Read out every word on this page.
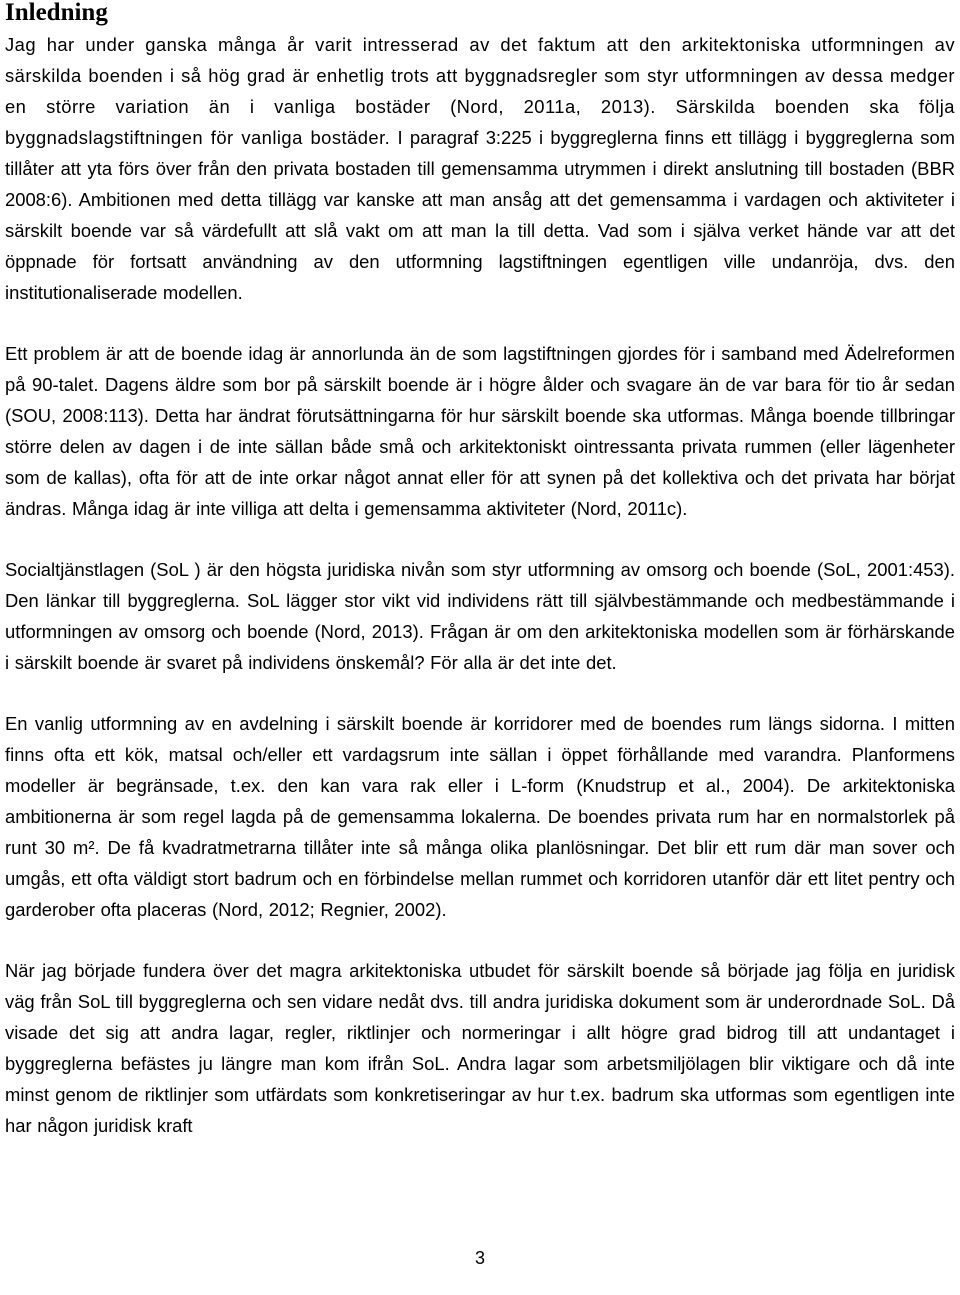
Inledning

Jag har under ganska många år varit intresserad av det faktum att den arkitektoniska utformningen av särskilda boenden i så hög grad är enhetlig trots att byggnadsregler som styr utformningen av dessa medger en större variation än i vanliga bostäder (Nord, 2011a, 2013). Särskilda boenden ska följa byggnadslagstiftningen för vanliga bostäder. I paragraf 3:225 i byggreglerna finns ett tillägg i byggreglerna som tillåter att yta förs över från den privata bostaden till gemensamma utrymmen i direkt anslutning till bostaden (BBR 2008:6). Ambitionen med detta tillägg var kanske att man ansåg att det gemensamma i vardagen och aktiviteter i särskilt boende var så värdefullt att slå vakt om att man la till detta. Vad som i själva verket hände var att det öppnade för fortsatt användning av den utformning lagstiftningen egentligen ville undanröja, dvs. den institutionaliserade modellen.

Ett problem är att de boende idag är annorlunda än de som lagstiftningen gjordes för i samband med Ädelreformen på 90-talet. Dagens äldre som bor på särskilt boende är i högre ålder och svagare än de var bara för tio år sedan (SOU, 2008:113). Detta har ändrat förutsättningarna för hur särskilt boende ska utformas. Många boende tillbringar större delen av dagen i de inte sällan både små och arkitektoniskt ointressanta privata rummen (eller lägenheter som de kallas), ofta för att de inte orkar något annat eller för att synen på det kollektiva och det privata har börjat ändras. Många idag är inte villiga att delta i gemensamma aktiviteter (Nord, 2011c).

Socialtjänstlagen (SoL ) är den högsta juridiska nivån som styr utformning av omsorg och boende (SoL, 2001:453). Den länkar till byggreglerna. SoL lägger stor vikt vid individens rätt till självbestämmande och medbestämmande i utformningen av omsorg och boende (Nord, 2013). Frågan är om den arkitektoniska modellen som är förhärskande i särskilt boende är svaret på individens önskemål? För alla är det inte det.

En vanlig utformning av en avdelning i särskilt boende är korridorer med de boendes rum längs sidorna. I mitten finns ofta ett kök, matsal och/eller ett vardagsrum inte sällan i öppet förhållande med varandra. Planformens modeller är begränsade, t.ex. den kan vara rak eller i L-form (Knudstrup et al., 2004). De arkitektoniska ambitionerna är som regel lagda på de gemensamma lokalerna. De boendes privata rum har en normalstorlek på runt 30 m². De få kvadratmetrarna tillåter inte så många olika planlösningar. Det blir ett rum där man sover och umgås, ett ofta väldigt stort badrum och en förbindelse mellan rummet och korridoren utanför där ett litet pentry och garderober ofta placeras (Nord, 2012; Regnier, 2002).

När jag började fundera över det magra arkitektoniska utbudet för särskilt boende så började jag följa en juridisk väg från SoL till byggreglerna och sen vidare nedåt dvs. till andra juridiska dokument som är underordnade SoL. Då visade det sig att andra lagar, regler, riktlinjer och normeringar i allt högre grad bidrog till att undantaget i byggreglerna befästes ju längre man kom ifrån SoL. Andra lagar som arbetsmiljölagen blir viktigare och då inte minst genom de riktlinjer som utfärdats som konkretiseringar av hur t.ex. badrum ska utformas som egentligen inte har någon juridisk kraft

3
